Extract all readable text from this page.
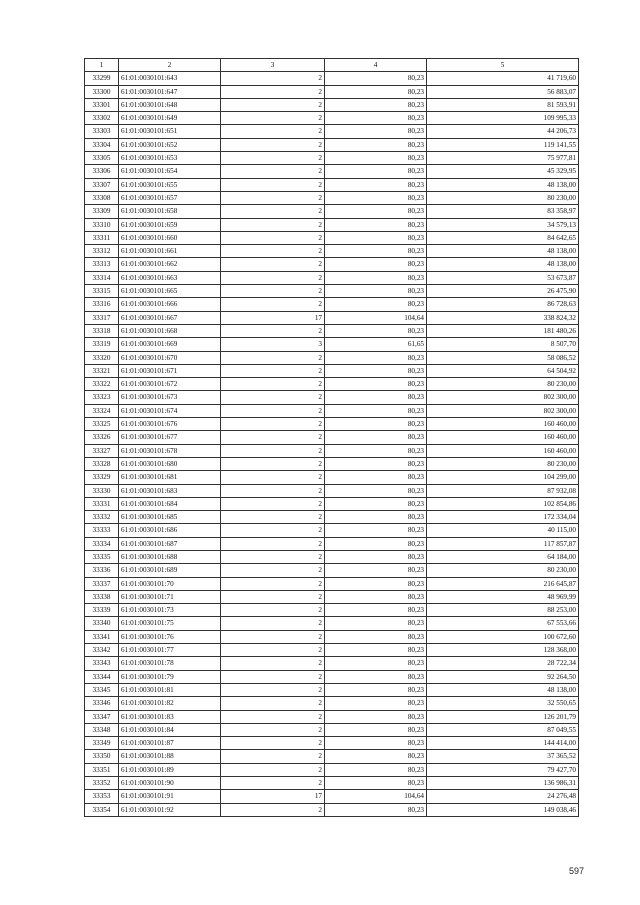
1	2	3	4	5
33299	61:01:0030101:643	2	80,23	41 719,60
33300	61:01:0030101:647	2	80,23	56 883,07
33301	61:01:0030101:648	2	80,23	81 593,91
33302	61:01:0030101:649	2	80,23	109 995,33
33303	61:01:0030101:651	2	80,23	44 206,73
33304	61:01:0030101:652	2	80,23	119 141,55
33305	61:01:0030101:653	2	80,23	75 977,81
33306	61:01:0030101:654	2	80,23	45 329,95
33307	61:01:0030101:655	2	80,23	48 138,00
33308	61:01:0030101:657	2	80,23	80 230,00
33309	61:01:0030101:658	2	80,23	83 358,97
33310	61:01:0030101:659	2	80,23	34 579,13
33311	61:01:0030101:660	2	80,23	84 642,65
33312	61:01:0030101:661	2	80,23	48 138,00
33313	61:01:0030101:662	2	80,23	48 138,00
33314	61:01:0030101:663	2	80,23	53 673,87
33315	61:01:0030101:665	2	80,23	26 475,90
33316	61:01:0030101:666	2	80,23	86 728,63
33317	61:01:0030101:667	17	104,64	338 824,32
33318	61:01:0030101:668	2	80,23	181 480,26
33319	61:01:0030101:669	3	61,65	8 507,70
33320	61:01:0030101:670	2	80,23	58 086,52
33321	61:01:0030101:671	2	80,23	64 504,92
33322	61:01:0030101:672	2	80,23	80 230,00
33323	61:01:0030101:673	2	80,23	802 300,00
33324	61:01:0030101:674	2	80,23	802 300,00
33325	61:01:0030101:676	2	80,23	160 460,00
33326	61:01:0030101:677	2	80,23	160 460,00
33327	61:01:0030101:678	2	80,23	160 460,00
33328	61:01:0030101:680	2	80,23	80 230,00
33329	61:01:0030101:681	2	80,23	104 299,00
33330	61:01:0030101:683	2	80,23	87 932,08
33331	61:01:0030101:684	2	80,23	102 854,86
33332	61:01:0030101:685	2	80,23	172 334,04
33333	61:01:0030101:686	2	80,23	40 115,00
33334	61:01:0030101:687	2	80,23	117 857,87
33335	61:01:0030101:688	2	80,23	64 184,00
33336	61:01:0030101:689	2	80,23	80 230,00
33337	61:01:0030101:70	2	80,23	216 645,87
33338	61:01:0030101:71	2	80,23	48 969,99
33339	61:01:0030101:73	2	80,23	88 253,00
33340	61:01:0030101:75	2	80,23	67 553,66
33341	61:01:0030101:76	2	80,23	100 672,60
33342	61:01:0030101:77	2	80,23	128 368,00
33343	61:01:0030101:78	2	80,23	28 722,34
33344	61:01:0030101:79	2	80,23	92 264,50
33345	61:01:0030101:81	2	80,23	48 138,00
33346	61:01:0030101:82	2	80,23	32 550,65
33347	61:01:0030101:83	2	80,23	126 201,79
33348	61:01:0030101:84	2	80,23	87 049,55
33349	61:01:0030101:87	2	80,23	144 414,00
33350	61:01:0030101:88	2	80,23	37 365,52
33351	61:01:0030101:89	2	80,23	79 427,70
33352	61:01:0030101:90	2	80,23	136 986,31
33353	61:01:0030101:91	17	104,64	24 276,48
33354	61:01:0030101:92	2	80,23	149 038,46
597
